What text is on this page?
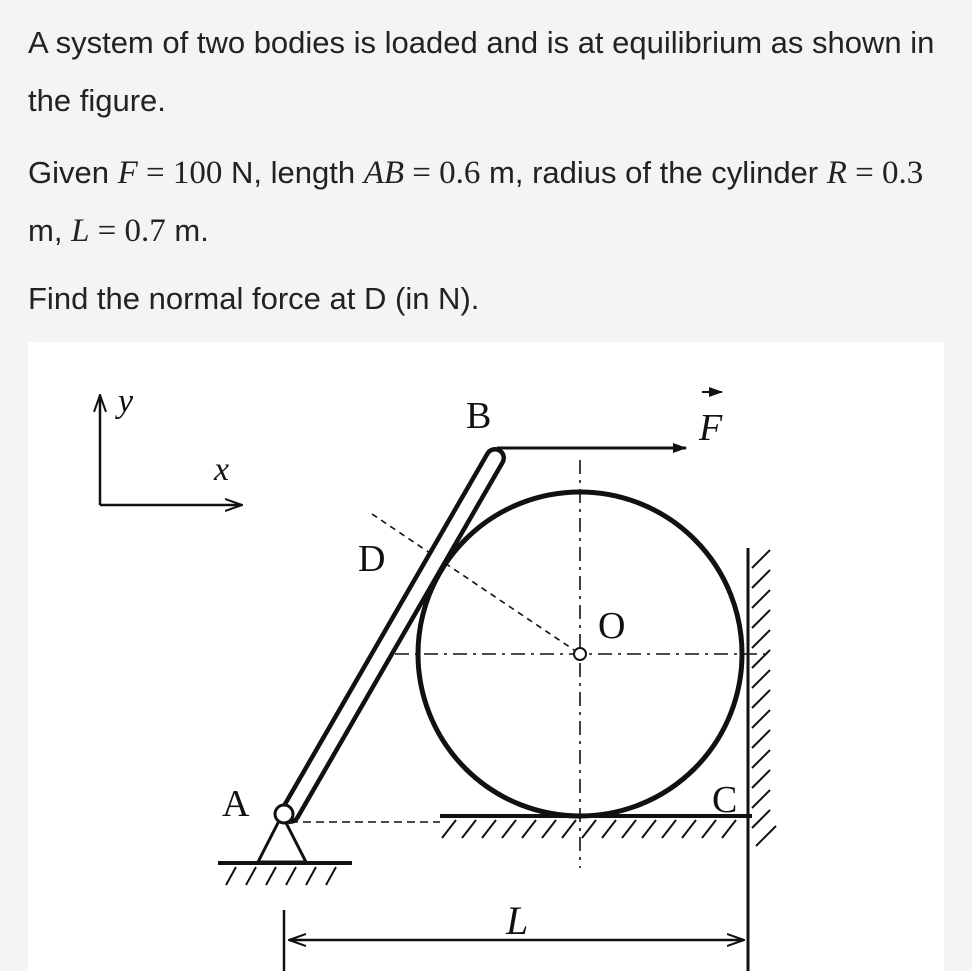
A system of two bodies is loaded and is at equilibrium as shown in the figure.

Given F = 100 N, length AB = 0.6 m, radius of the cylinder R = 0.3 m, L = 0.7 m.

Find the normal force at D (in N).

y
x
B	F
D
O
A	C
L
